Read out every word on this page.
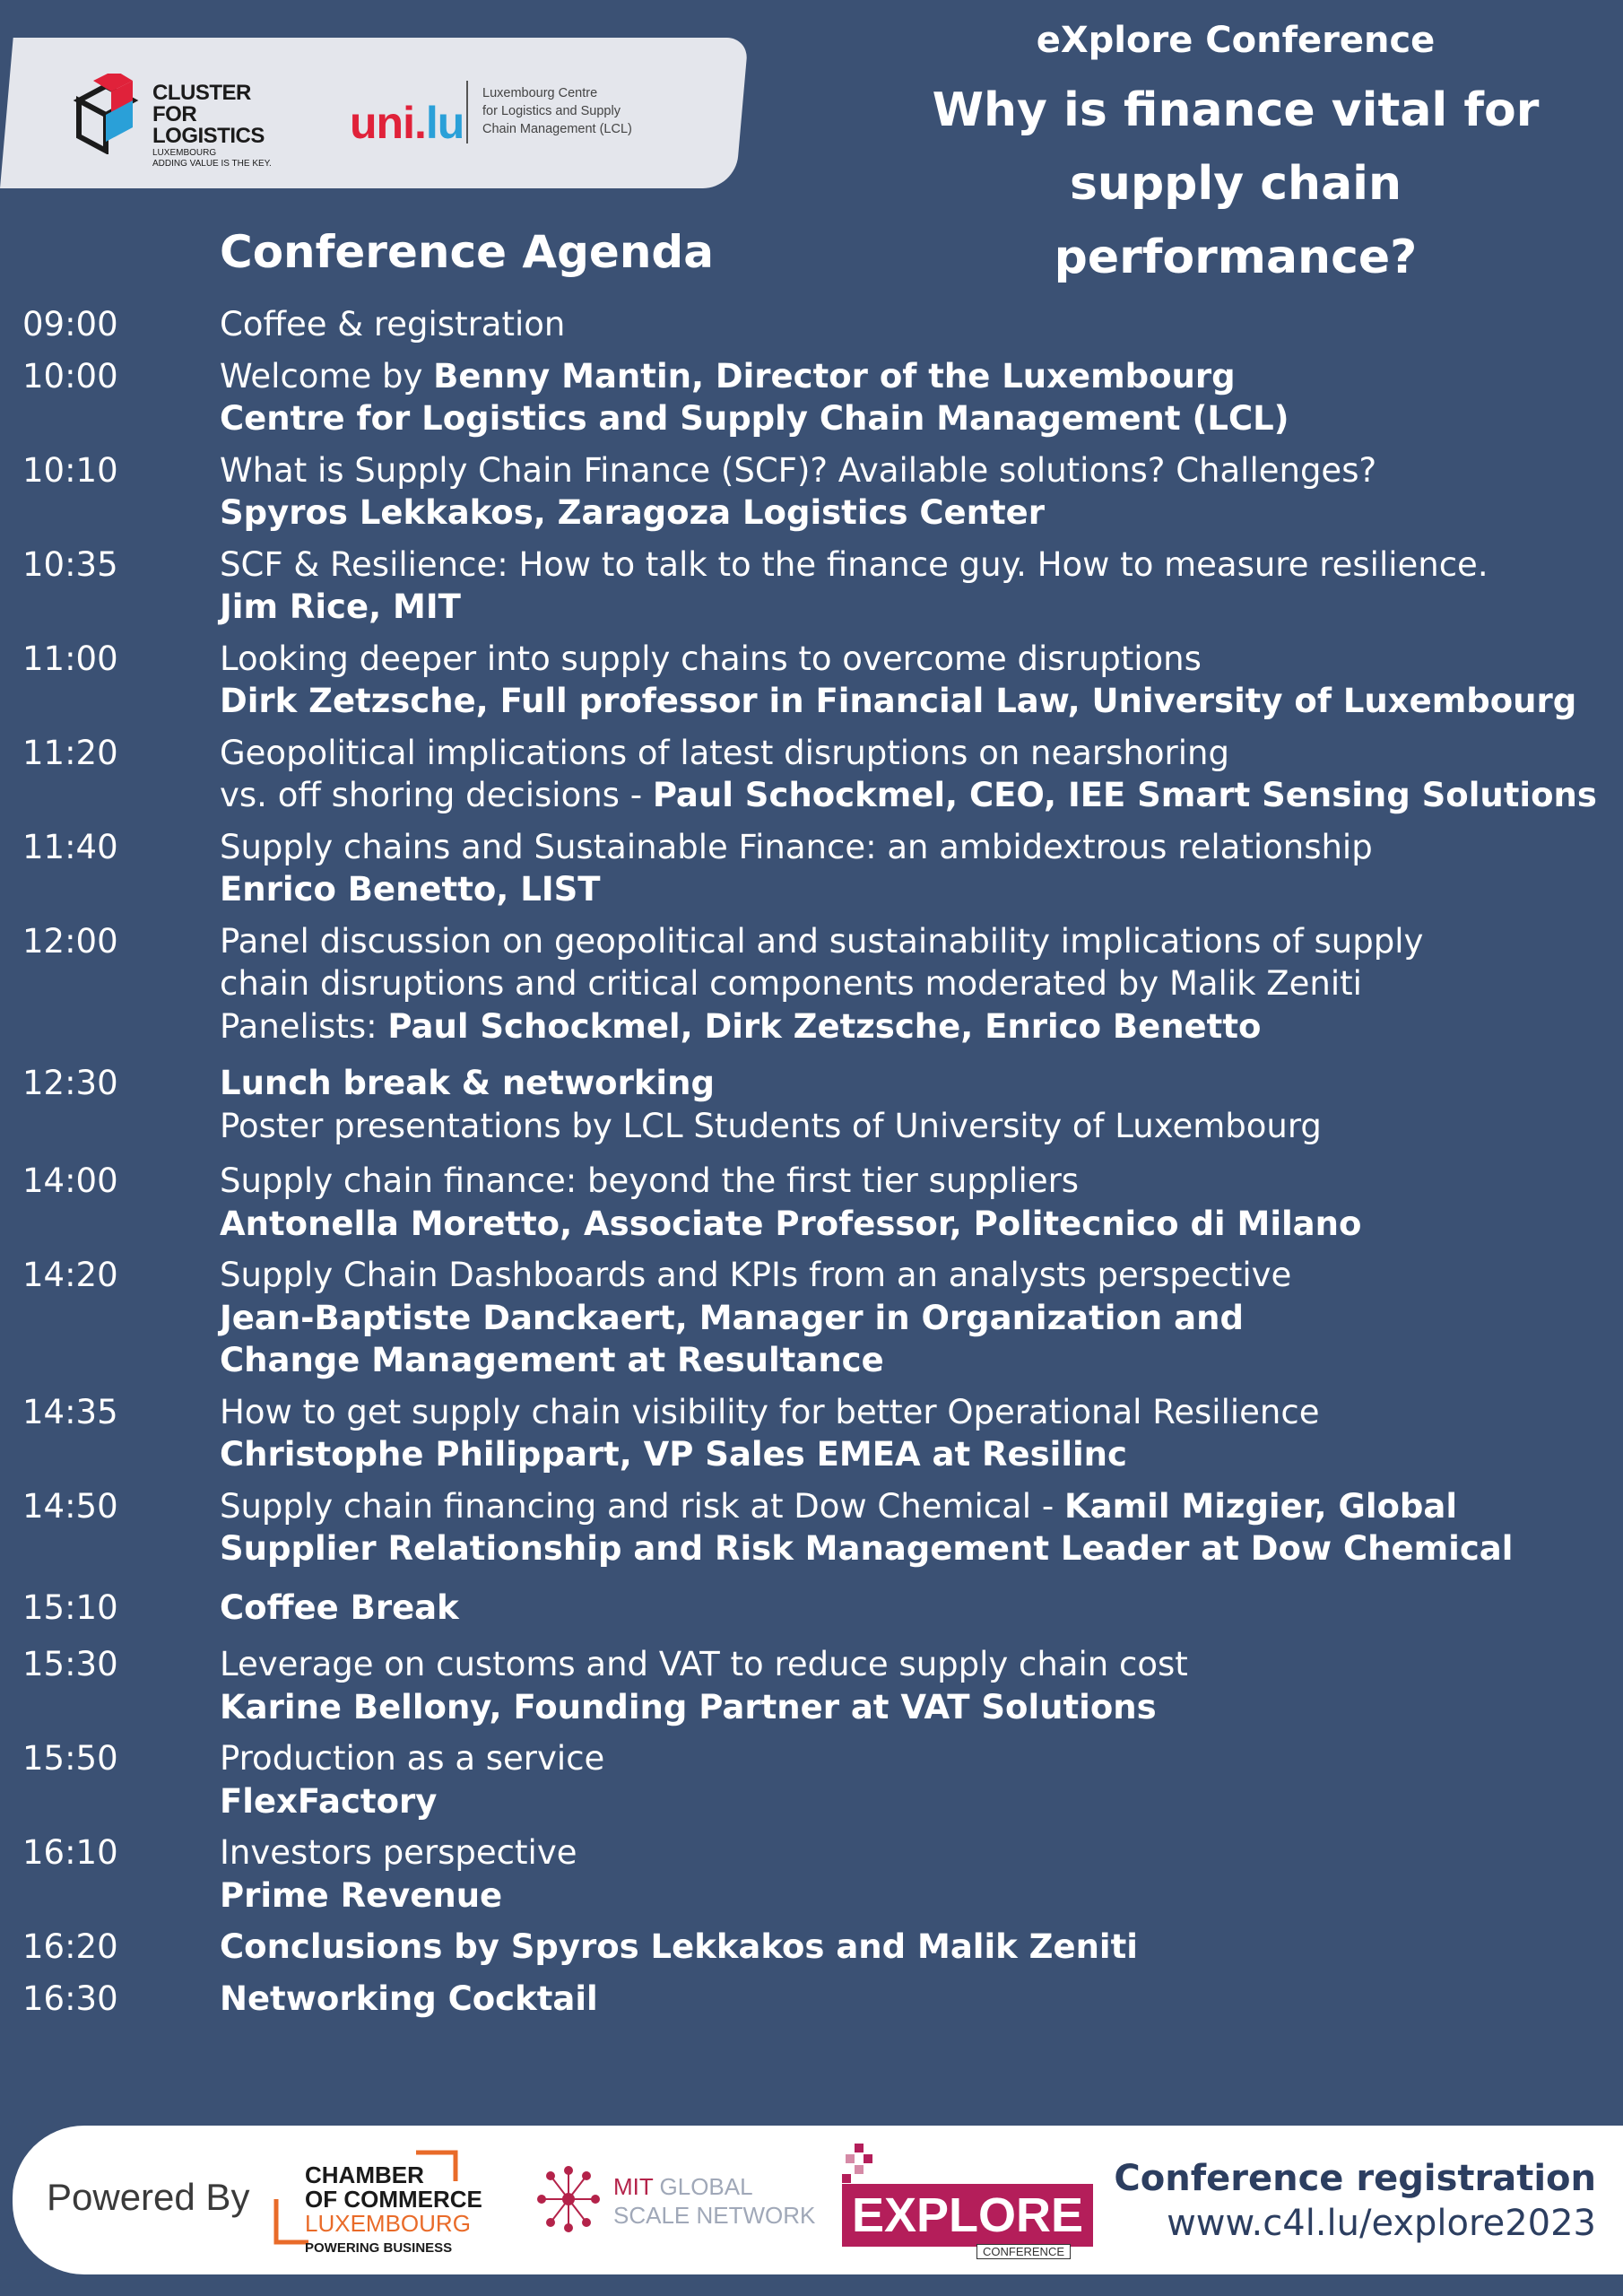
CLUSTER
FOR
LOGISTICS
LUXEMBOURG
ADDING VALUE IS THE KEY.
uni.lu
Luxembourg Centre
for Logistics and Supply
Chain Management (LCL)
eXplore Conference
Why is finance vital for
supply chain performance?
Conference Agenda
09:00	Coffee & registration
10:00	Welcome by Benny Mantin, Director of the Luxembourg
Centre for Logistics and Supply Chain Management (LCL)
10:10	What is Supply Chain Finance (SCF)? Available solutions? Challenges?
Spyros Lekkakos, Zaragoza Logistics Center
10:35	SCF & Resilience: How to talk to the finance guy. How to measure resilience.
Jim Rice, MIT
11:00	Looking deeper into supply chains to overcome disruptions
Dirk Zetzsche, Full professor in Financial Law, University of Luxembourg
11:20	Geopolitical implications of latest disruptions on nearshoring
vs. off shoring decisions - Paul Schockmel, CEO, IEE Smart Sensing Solutions
11:40	Supply chains and Sustainable Finance: an ambidextrous relationship
Enrico Benetto, LIST
12:00	Panel discussion on geopolitical and sustainability implications of supply
chain disruptions and critical components moderated by Malik Zeniti
Panelists: Paul Schockmel, Dirk Zetzsche, Enrico Benetto
12:30	Lunch break & networking
Poster presentations by LCL Students of University of Luxembourg
14:00	Supply chain finance: beyond the first tier suppliers
Antonella Moretto, Associate Professor, Politecnico di Milano
14:20	Supply Chain Dashboards and KPIs from an analysts perspective
Jean-Baptiste Danckaert, Manager in Organization and
Change Management at Resultance
14:35	How to get supply chain visibility for better Operational Resilience
Christophe Philippart, VP Sales EMEA at Resilinc
14:50	Supply chain financing and risk at Dow Chemical - Kamil Mizgier, Global
Supplier Relationship and Risk Management Leader at Dow Chemical
15:10	Coffee Break
15:30	Leverage on customs and VAT to reduce supply chain cost
Karine Bellony, Founding Partner at VAT Solutions
15:50	Production as a service
FlexFactory
16:10	Investors perspective
Prime Revenue
16:20	Conclusions by Spyros Lekkakos and Malik Zeniti
16:30	Networking Cocktail
Powered By
CHAMBER
OF COMMERCE
LUXEMBOURG
POWERING BUSINESS
MIT GLOBAL
SCALE NETWORK EXPLORE
CONFERENCE
Conference registration
www.c4l.lu/explore2023
